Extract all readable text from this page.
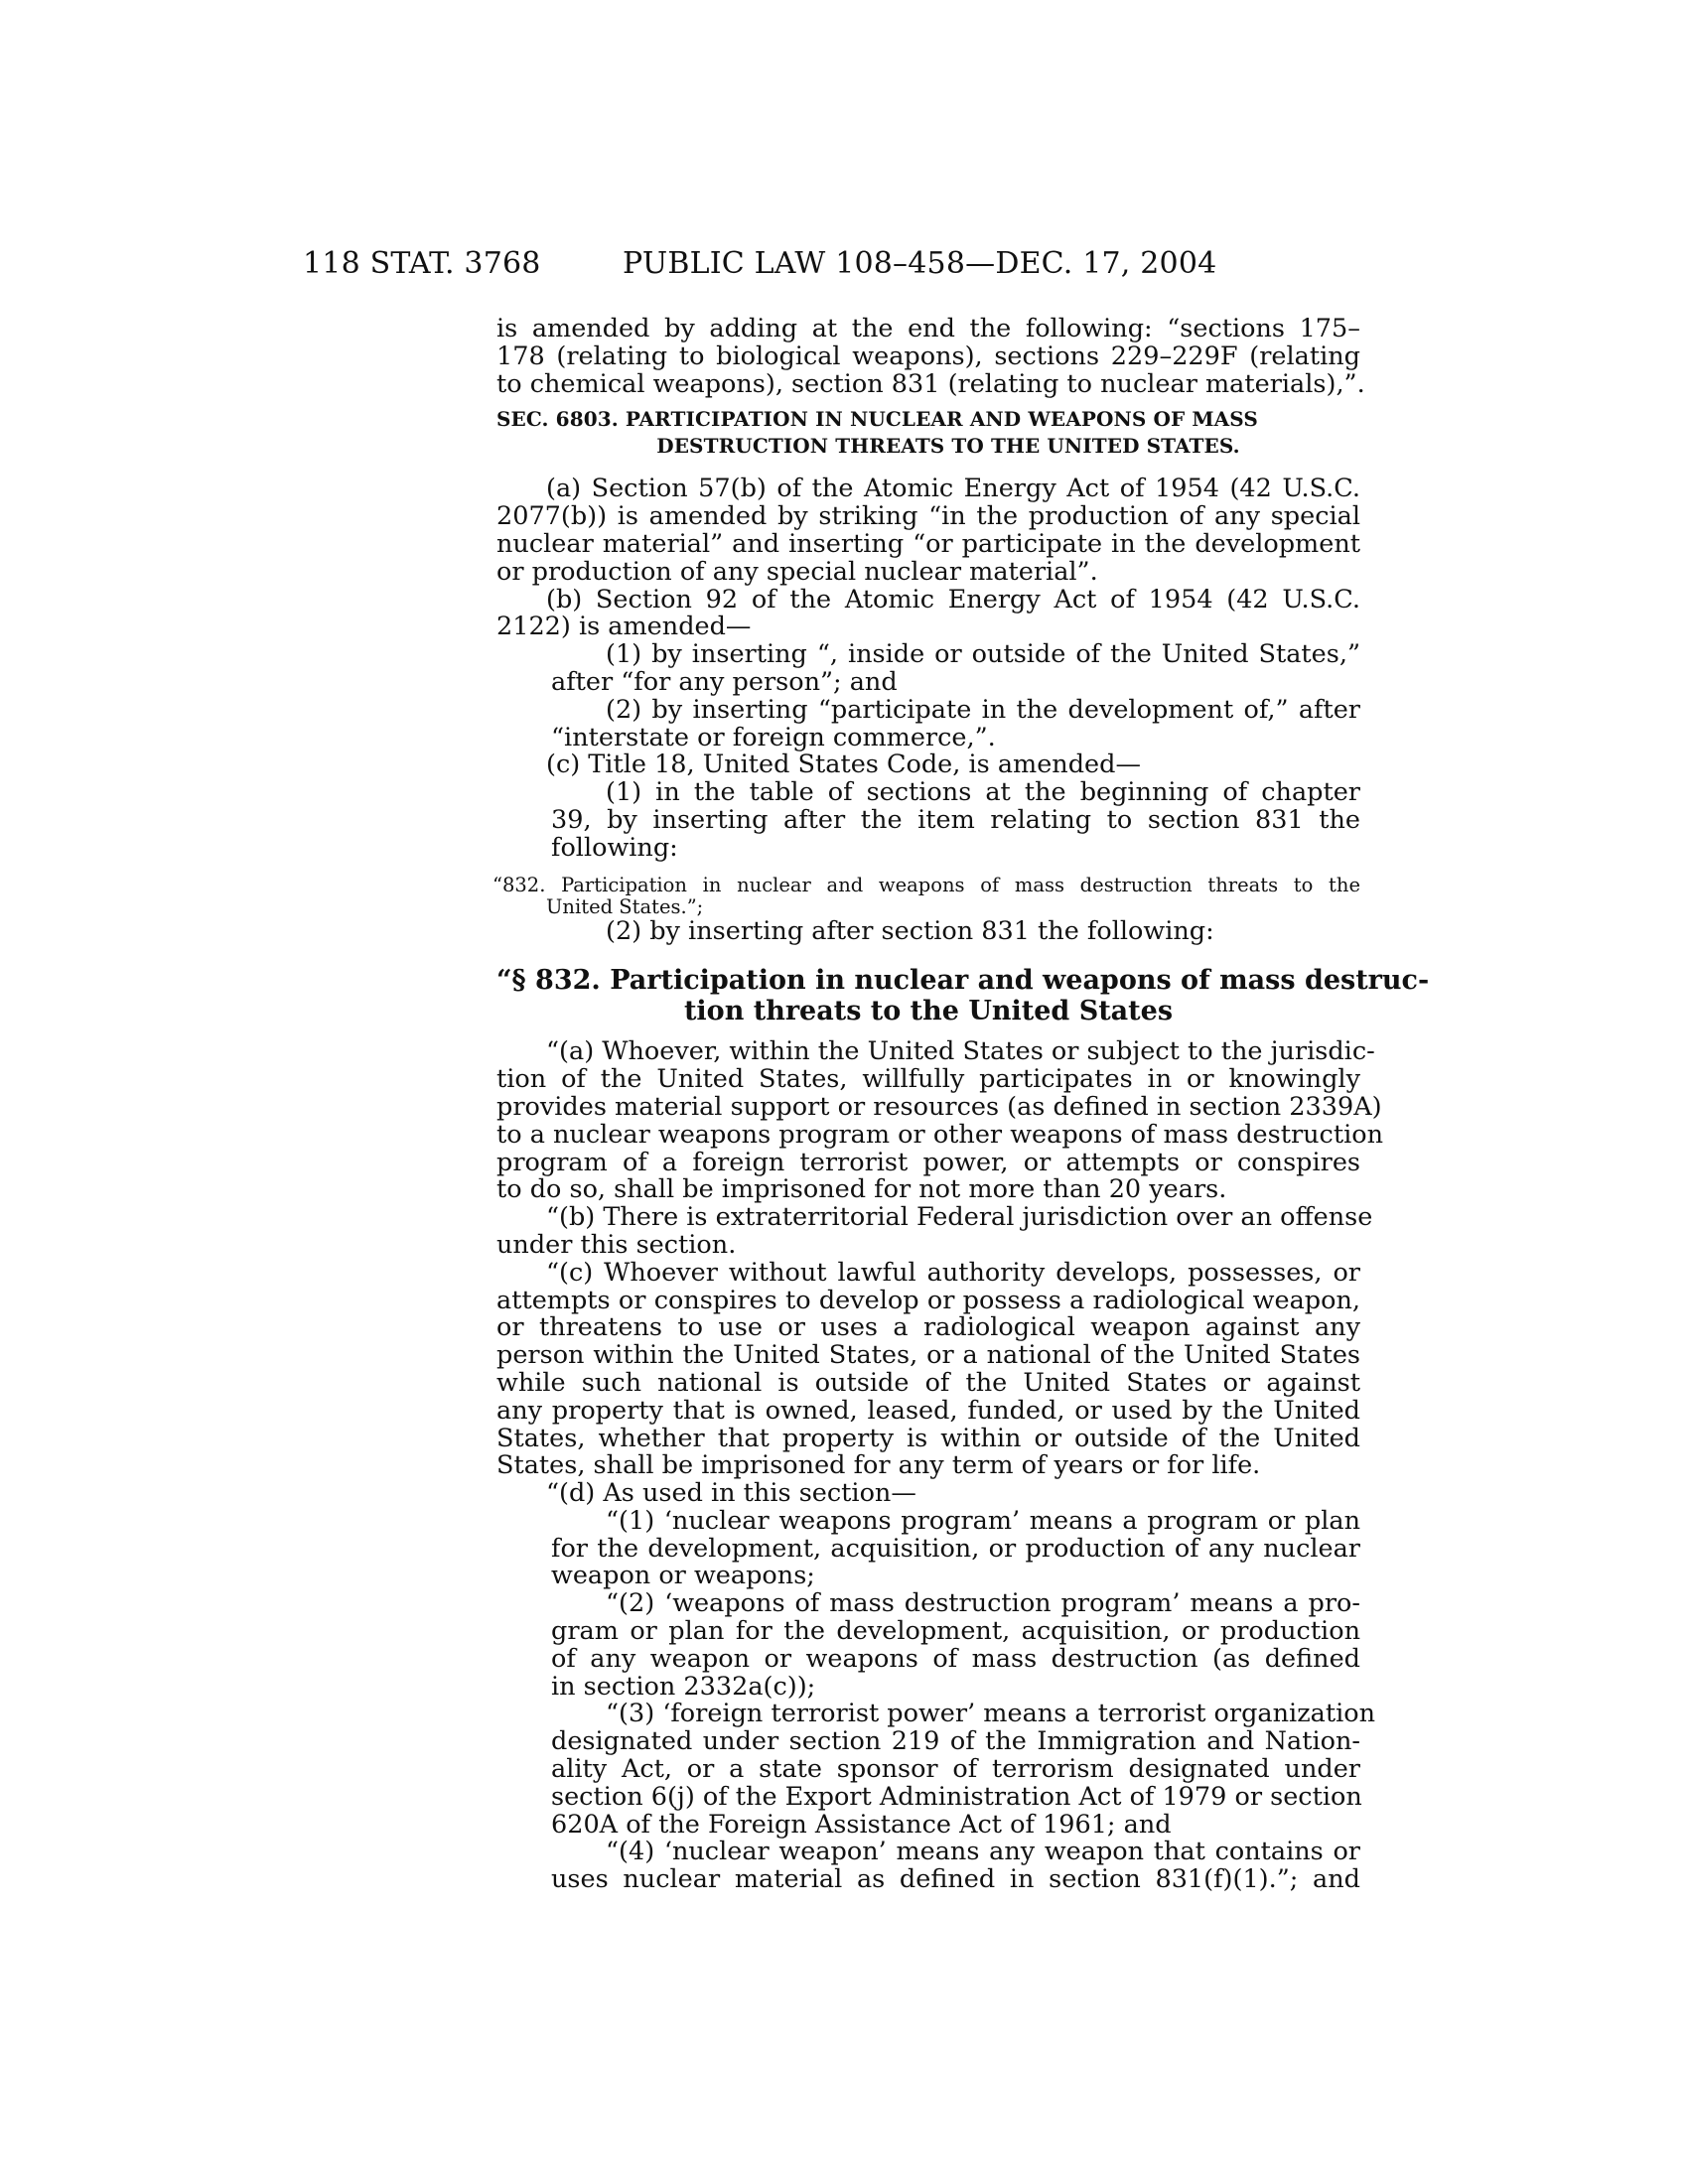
118 STAT. 3768	PUBLIC LAW 108–458—DEC. 17, 2004
is amended by adding at the end the following: “sections 175–
178 (relating to biological weapons), sections 229–229F (relating
to chemical weapons), section 831 (relating to nuclear materials),”.
SEC. 6803. PARTICIPATION IN NUCLEAR AND WEAPONS OF MASS
DESTRUCTION THREATS TO THE UNITED STATES.
(a) Section 57(b) of the Atomic Energy Act of 1954 (42 U.S.C.
2077(b)) is amended by striking “in the production of any special
nuclear material” and inserting “or participate in the development
or production of any special nuclear material”.
(b) Section 92 of the Atomic Energy Act of 1954 (42 U.S.C.
2122) is amended—
(1) by inserting “, inside or outside of the United States,”
after “for any person”; and
(2) by inserting “participate in the development of,” after
“interstate or foreign commerce,”.
(c) Title 18, United States Code, is amended—
(1) in the table of sections at the beginning of chapter
39, by inserting after the item relating to section 831 the
following:
“832. Participation in nuclear and weapons of mass destruction threats to the
United States.”;
(2) by inserting after section 831 the following:
“§ 832. Participation in nuclear and weapons of mass destruc-
tion threats to the United States
“(a) Whoever, within the United States or subject to the jurisdic-
tion of the United States, willfully participates in or knowingly
provides material support or resources (as defined in section 2339A)
to a nuclear weapons program or other weapons of mass destruction
program of a foreign terrorist power, or attempts or conspires
to do so, shall be imprisoned for not more than 20 years.
“(b) There is extraterritorial Federal jurisdiction over an offense
under this section.
“(c) Whoever without lawful authority develops, possesses, or
attempts or conspires to develop or possess a radiological weapon,
or threatens to use or uses a radiological weapon against any
person within the United States, or a national of the United States
while such national is outside of the United States or against
any property that is owned, leased, funded, or used by the United
States, whether that property is within or outside of the United
States, shall be imprisoned for any term of years or for life.
“(d) As used in this section—
“(1) ‘nuclear weapons program’ means a program or plan
for the development, acquisition, or production of any nuclear
weapon or weapons;
“(2) ‘weapons of mass destruction program’ means a pro-
gram or plan for the development, acquisition, or production
of any weapon or weapons of mass destruction (as defined
in section 2332a(c));
“(3) ‘foreign terrorist power’ means a terrorist organization
designated under section 219 of the Immigration and Nation-
ality Act, or a state sponsor of terrorism designated under
section 6(j) of the Export Administration Act of 1979 or section
620A of the Foreign Assistance Act of 1961; and
“(4) ‘nuclear weapon’ means any weapon that contains or
uses nuclear material as defined in section 831(f)(1).”; and
